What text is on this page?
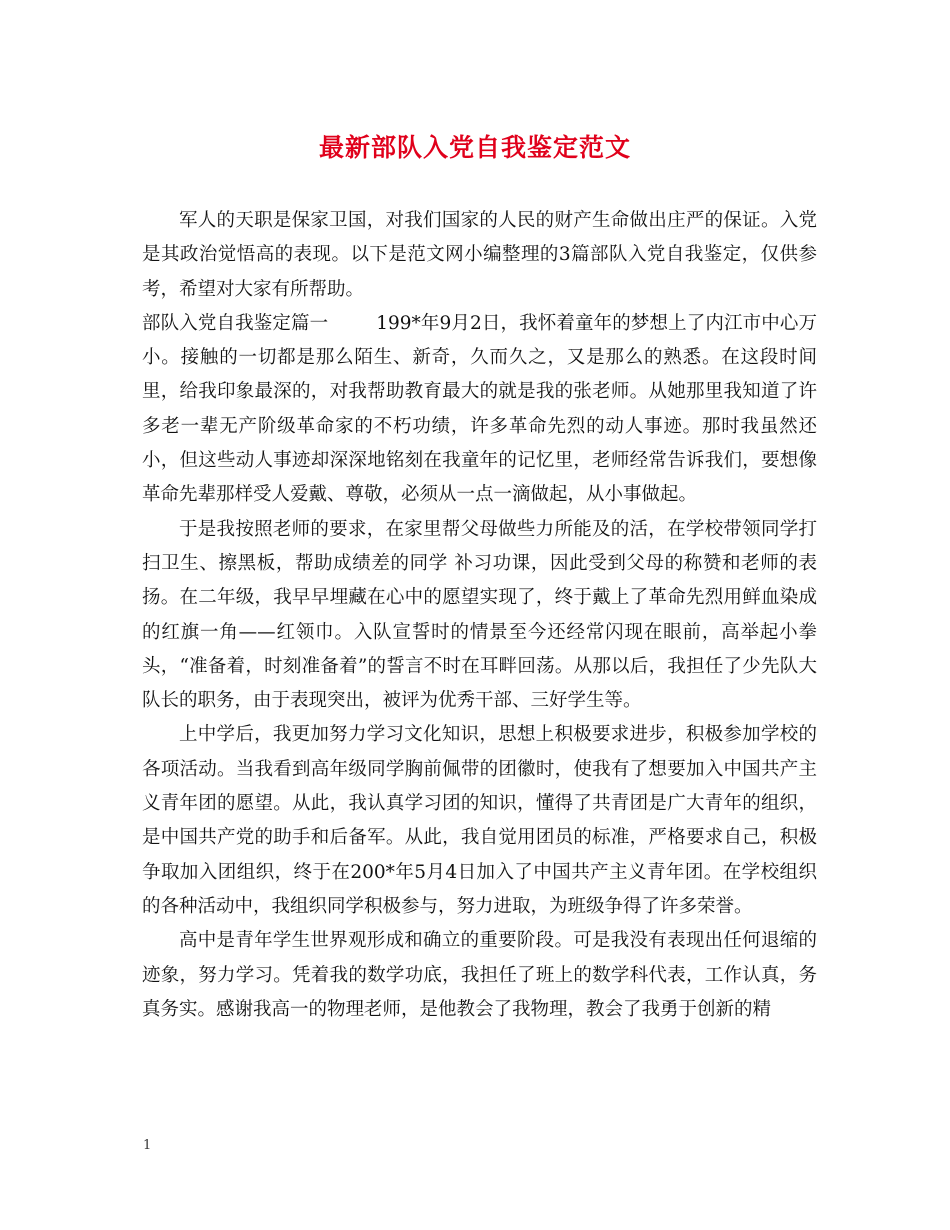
最新部队入党自我鉴定范文

军人的天职是保家卫国，对我们国家的人民的财产生命做出庄严的保证。入党是其政治觉悟高的表现。以下是范文网小编整理的3篇部队入党自我鉴定，仅供参考，希望对大家有所帮助。

部队入党自我鉴定篇一	199*年9月2日，我怀着童年的梦想上了内江市中心万小。接触的一切都是那么陌生、新奇，久而久之，又是那么的熟悉。在这段时间里，给我印象最深的，对我帮助教育最大的就是我的张老师。从她那里我知道了许多老一辈无产阶级革命家的不朽功绩，许多革命先烈的动人事迹。那时我虽然还小，但这些动人事迹却深深地铭刻在我童年的记忆里，老师经常告诉我们，要想像革命先辈那样受人爱戴、尊敬，必须从一点一滴做起，从小事做起。

于是我按照老师的要求，在家里帮父母做些力所能及的活，在学校带领同学打扫卫生、擦黑板，帮助成绩差的同学 补习功课，因此受到父母的称赞和老师的表扬。在二年级，我早早埋藏在心中的愿望实现了，终于戴上了革命先烈用鲜血染成的红旗一角——红领巾。入队宣誓时的情景至今还经常闪现在眼前，高举起小拳头，“准备着，时刻准备着”的誓言不时在耳畔回荡。从那以后，我担任了少先队大队长的职务，由于表现突出，被评为优秀干部、三好学生等。

上中学后，我更加努力学习文化知识，思想上积极要求进步，积极参加学校的各项活动。当我看到高年级同学胸前佩带的团徽时，使我有了想要加入中国共产主义青年团的愿望。从此，我认真学习团的知识，懂得了共青团是广大青年的组织，是中国共产党的助手和后备军。从此，我自觉用团员的标准，严格要求自己，积极争取加入团组织，终于在200*年5月4日加入了中国共产主义青年团。在学校组织的各种活动中，我组织同学积极参与，努力进取，为班级争得了许多荣誉。

高中是青年学生世界观形成和确立的重要阶段。可是我没有表现出任何退缩的迹象，努力学习。凭着我的数学功底，我担任了班上的数学科代表，工作认真，务真务实。感谢我高一的物理老师，是他教会了我物理，教会了我勇于创新的精

1
